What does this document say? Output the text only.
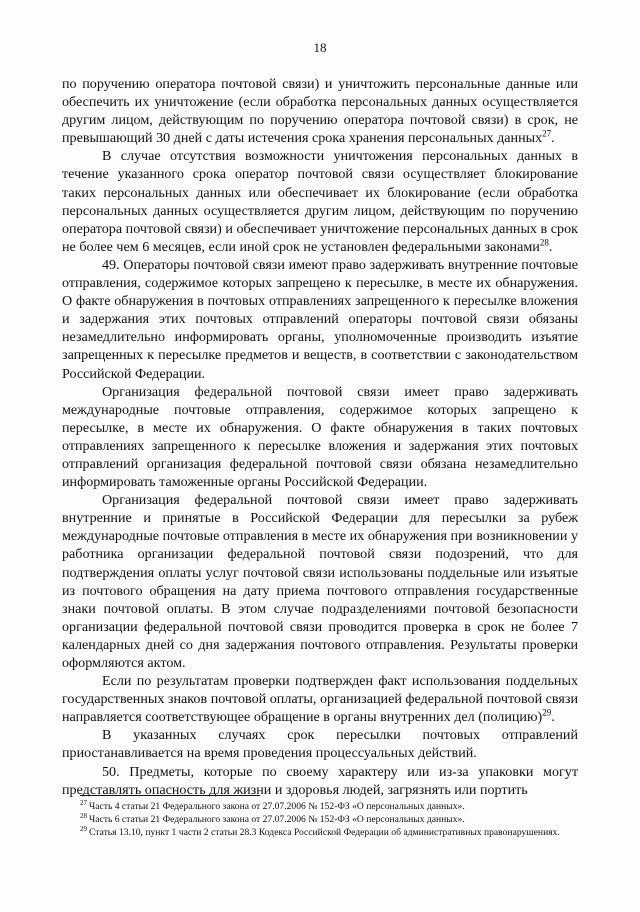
18

по поручению оператора почтовой связи) и уничтожить персональные данные или обеспечить их уничтожение (если обработка персональных данных осуществляется другим лицом, действующим по поручению оператора почтовой связи) в срок, не превышающий 30 дней с даты истечения срока хранения персональных данных$^{27}$.

В случае отсутствия возможности уничтожения персональных данных в течение указанного срока оператор почтовой связи осуществляет блокирование таких персональных данных или обеспечивает их блокирование (если обработка персональных данных осуществляется другим лицом, действующим по поручению оператора почтовой связи) и обеспечивает уничтожение персональных данных в срок не более чем 6 месяцев, если иной срок не установлен федеральными законами$^{28}$.

49. Операторы почтовой связи имеют право задерживать внутренние почтовые отправления, содержимое которых запрещено к пересылке, в месте их обнаружения. О факте обнаружения в почтовых отправлениях запрещенного к пересылке вложения и задержания этих почтовых отправлений операторы почтовой связи обязаны незамедлительно информировать органы, уполномоченные производить изъятие запрещенных к пересылке предметов и веществ, в соответствии с законодательством Российской Федерации.

Организация федеральной почтовой связи имеет право задерживать международные почтовые отправления, содержимое которых запрещено к пересылке, в месте их обнаружения. О факте обнаружения в таких почтовых отправлениях запрещенного к пересылке вложения и задержания этих почтовых отправлений организация федеральной почтовой связи обязана незамедлительно информировать таможенные органы Российской Федерации.

Организация федеральной почтовой связи имеет право задерживать внутренние и принятые в Российской Федерации для пересылки за рубеж международные почтовые отправления в месте их обнаружения при возникновении у работника организации федеральной почтовой связи подозрений, что для подтверждения оплаты услуг почтовой связи использованы поддельные или изъятые из почтового обращения на дату приема почтового отправления государственные знаки почтовой оплаты. В этом случае подразделениями почтовой безопасности организации федеральной почтовой связи проводится проверка в срок не более 7 календарных дней со дня задержания почтового отправления. Результаты проверки оформляются актом.

Если по результатам проверки подтвержден факт использования поддельных государственных знаков почтовой оплаты, организацией федеральной почтовой связи направляется соответствующее обращение в органы внутренних дел (полицию)$^{29}$.

В указанных случаях срок пересылки почтовых отправлений приостанавливается на время проведения процессуальных действий.

50. Предметы, которые по своему характеру или из-за упаковки могут представлять опасность для жизни и здоровья людей, загрязнять или портить

$^{27}$ Часть 4 статьи 21 Федерального закона от 27.07.2006 № 152-ФЗ «О персональных данных».

$^{28}$ Часть 6 статьи 21 Федерального закона от 27.07.2006 № 152-ФЗ «О персональных данных».

$^{29}$ Статья 13.10, пункт 1 части 2 статьи 28.3 Кодекса Российской Федерации об административных правонарушениях.
